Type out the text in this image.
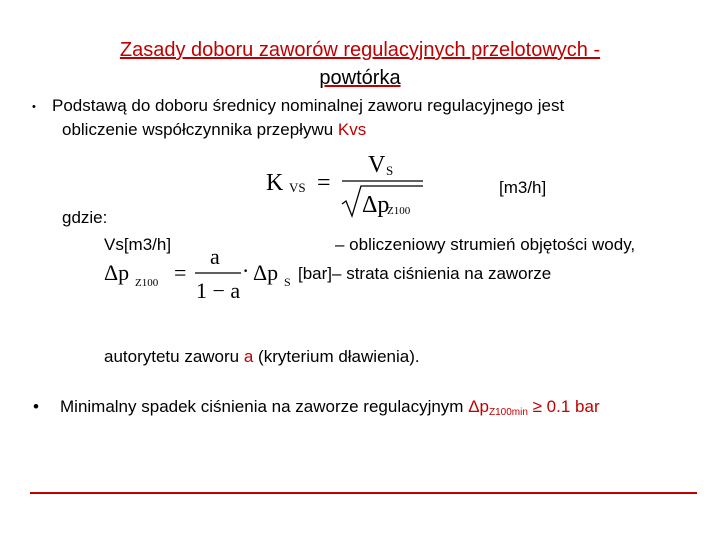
Zasady doboru zaworów regulacyjnych przelotowych -
powtórka
• Podstawą do doboru średnicy nominalnej zaworu regulacyjnego jest
obliczenie współczynnika przepływu Kvs
K VS =
V S
Δp
Z100
[m3/h]
gdzie:
Vs[m3/h]	– obliczeniowy strumień objętości wody,
Δp Z100 =
a
1 − a
· Δp S [bar]– strata ciśnienia na zaworze
autorytetu zaworu a (kryterium dławienia).
• Minimalny spadek ciśnienia na zaworze regulacyjnym $\Delta p_{Z100min} \ge 0.1$ bar
